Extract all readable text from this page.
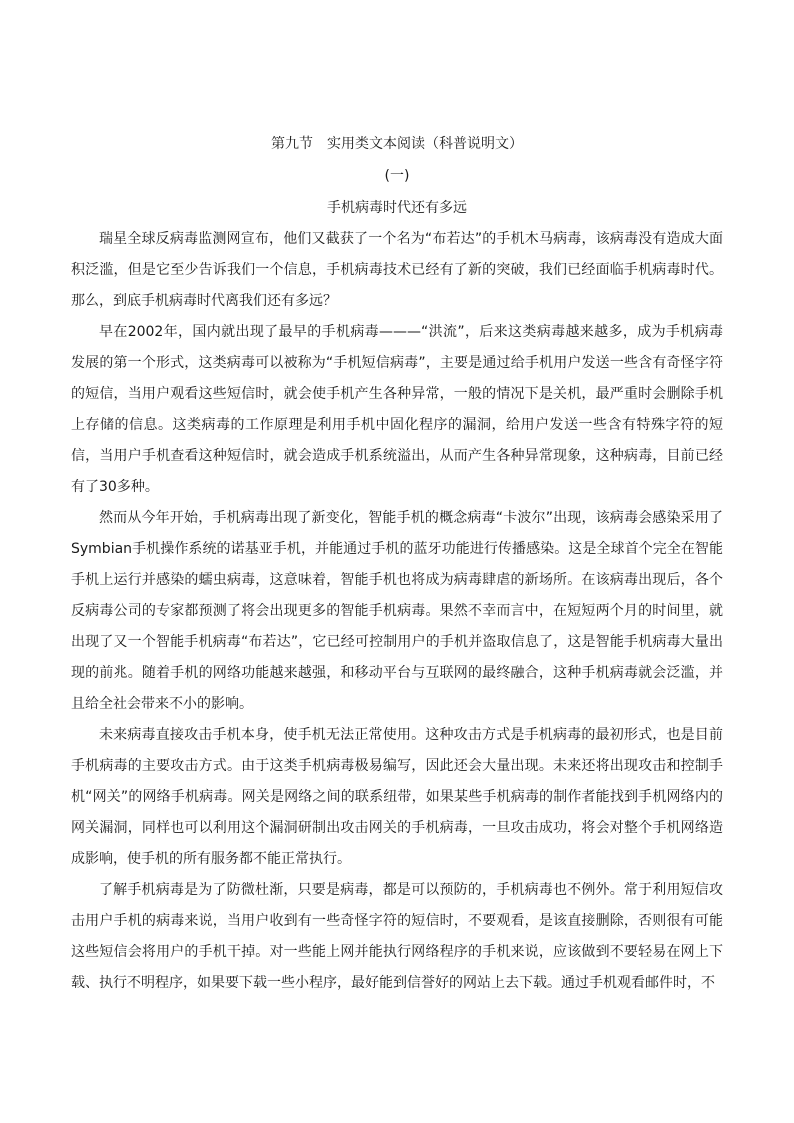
第九节 实用类文本阅读（科普说明文）
(一)
手机病毒时代还有多远

瑞星全球反病毒监测网宣布，他们又截获了一个名为“布若达”的手机木马病毒，该病毒没有造成大面积泛滥，但是它至少告诉我们一个信息，手机病毒技术已经有了新的突破，我们已经面临手机病毒时代。那么，到底手机病毒时代离我们还有多远？

早在2002年，国内就出现了最早的手机病毒———“洪流”，后来这类病毒越来越多，成为手机病毒发展的第一个形式，这类病毒可以被称为“手机短信病毒”，主要是通过给手机用户发送一些含有奇怪字符的短信，当用户观看这些短信时，就会使手机产生各种异常，一般的情况下是关机，最严重时会删除手机上存储的信息。这类病毒的工作原理是利用手机中固化程序的漏洞，给用户发送一些含有特殊字符的短信，当用户手机查看这种短信时，就会造成手机系统溢出，从而产生各种异常现象，这种病毒，目前已经有了30多种。

然而从今年开始，手机病毒出现了新变化，智能手机的概念病毒“卡波尔”出现，该病毒会感染采用了Symbian手机操作系统的诺基亚手机，并能通过手机的蓝牙功能进行传播感染。这是全球首个完全在智能手机上运行并感染的蠕虫病毒，这意味着，智能手机也将成为病毒肆虐的新场所。在该病毒出现后，各个反病毒公司的专家都预测了将会出现更多的智能手机病毒。果然不幸而言中，在短短两个月的时间里，就出现了又一个智能手机病毒“布若达”，它已经可控制用户的手机并盗取信息了，这是智能手机病毒大量出现的前兆。随着手机的网络功能越来越强，和移动平台与互联网的最终融合，这种手机病毒就会泛滥，并且给全社会带来不小的影响。

未来病毒直接攻击手机本身，使手机无法正常使用。这种攻击方式是手机病毒的最初形式，也是目前手机病毒的主要攻击方式。由于这类手机病毒极易编写，因此还会大量出现。未来还将出现攻击和控制手机“网关”的网络手机病毒。网关是网络之间的联系纽带，如果某些手机病毒的制作者能找到手机网络内的网关漏洞，同样也可以利用这个漏洞研制出攻击网关的手机病毒，一旦攻击成功，将会对整个手机网络造成影响，使手机的所有服务都不能正常执行。

了解手机病毒是为了防微杜渐，只要是病毒，都是可以预防的，手机病毒也不例外。常于利用短信攻击用户手机的病毒来说，当用户收到有一些奇怪字符的短信时，不要观看，是该直接删除，否则很有可能这些短信会将用户的手机干掉。对一些能上网并能执行网络程序的手机来说，应该做到不要轻易在网上下载、执行不明程序，如果要下载一些小程序，最好能到信誉好的网站上去下载。通过手机观看邮件时，不
